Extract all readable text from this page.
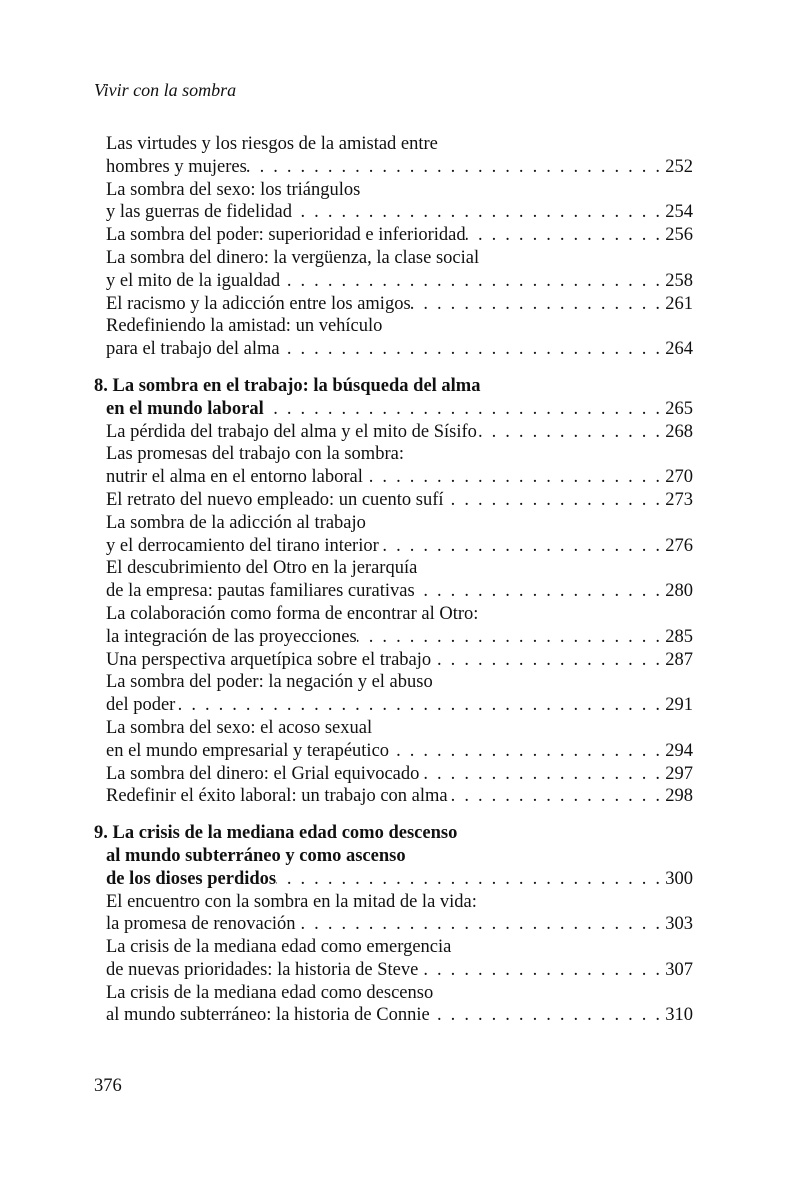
Vivir con la sombra
Las virtudes y los riesgos de la amistad entre
hombres y mujeres . . .	252
La sombra del sexo: los triángulos
y las guerras de fidelidad . . .	254
La sombra del poder: superioridad e inferioridad . . .	256
La sombra del dinero: la vergüenza, la clase social
y el mito de la igualdad . . .	258
El racismo y la adicción entre los amigos . . .	261
Redefiniendo la amistad: un vehículo
para el trabajo del alma . . .	264
8. La sombra en el trabajo: la búsqueda del alma
en el mundo laboral . . .	265
La pérdida del trabajo del alma y el mito de Sísifo . . .	268
Las promesas del trabajo con la sombra:
nutrir el alma en el entorno laboral . . .	270
El retrato del nuevo empleado: un cuento sufí . . .	273
La sombra de la adicción al trabajo
y el derrocamiento del tirano interior . . .	276
El descubrimiento del Otro en la jerarquía
de la empresa: pautas familiares curativas . . .	280
La colaboración como forma de encontrar al Otro:
la integración de las proyecciones . . .	285
Una perspectiva arquetípica sobre el trabajo . . .	287
La sombra del poder: la negación y el abuso
del poder . . .	291
La sombra del sexo: el acoso sexual
en el mundo empresarial y terapéutico . . .	294
La sombra del dinero: el Grial equivocado . . .	297
Redefinir el éxito laboral: un trabajo con alma . . .	298
9. La crisis de la mediana edad como descenso
al mundo subterráneo y como ascenso
de los dioses perdidos . . .	300
El encuentro con la sombra en la mitad de la vida:
la promesa de renovación . . .	303
La crisis de la mediana edad como emergencia
de nuevas prioridades: la historia de Steve . . .	307
La crisis de la mediana edad como descenso
al mundo subterráneo: la historia de Connie . . .	310
376
